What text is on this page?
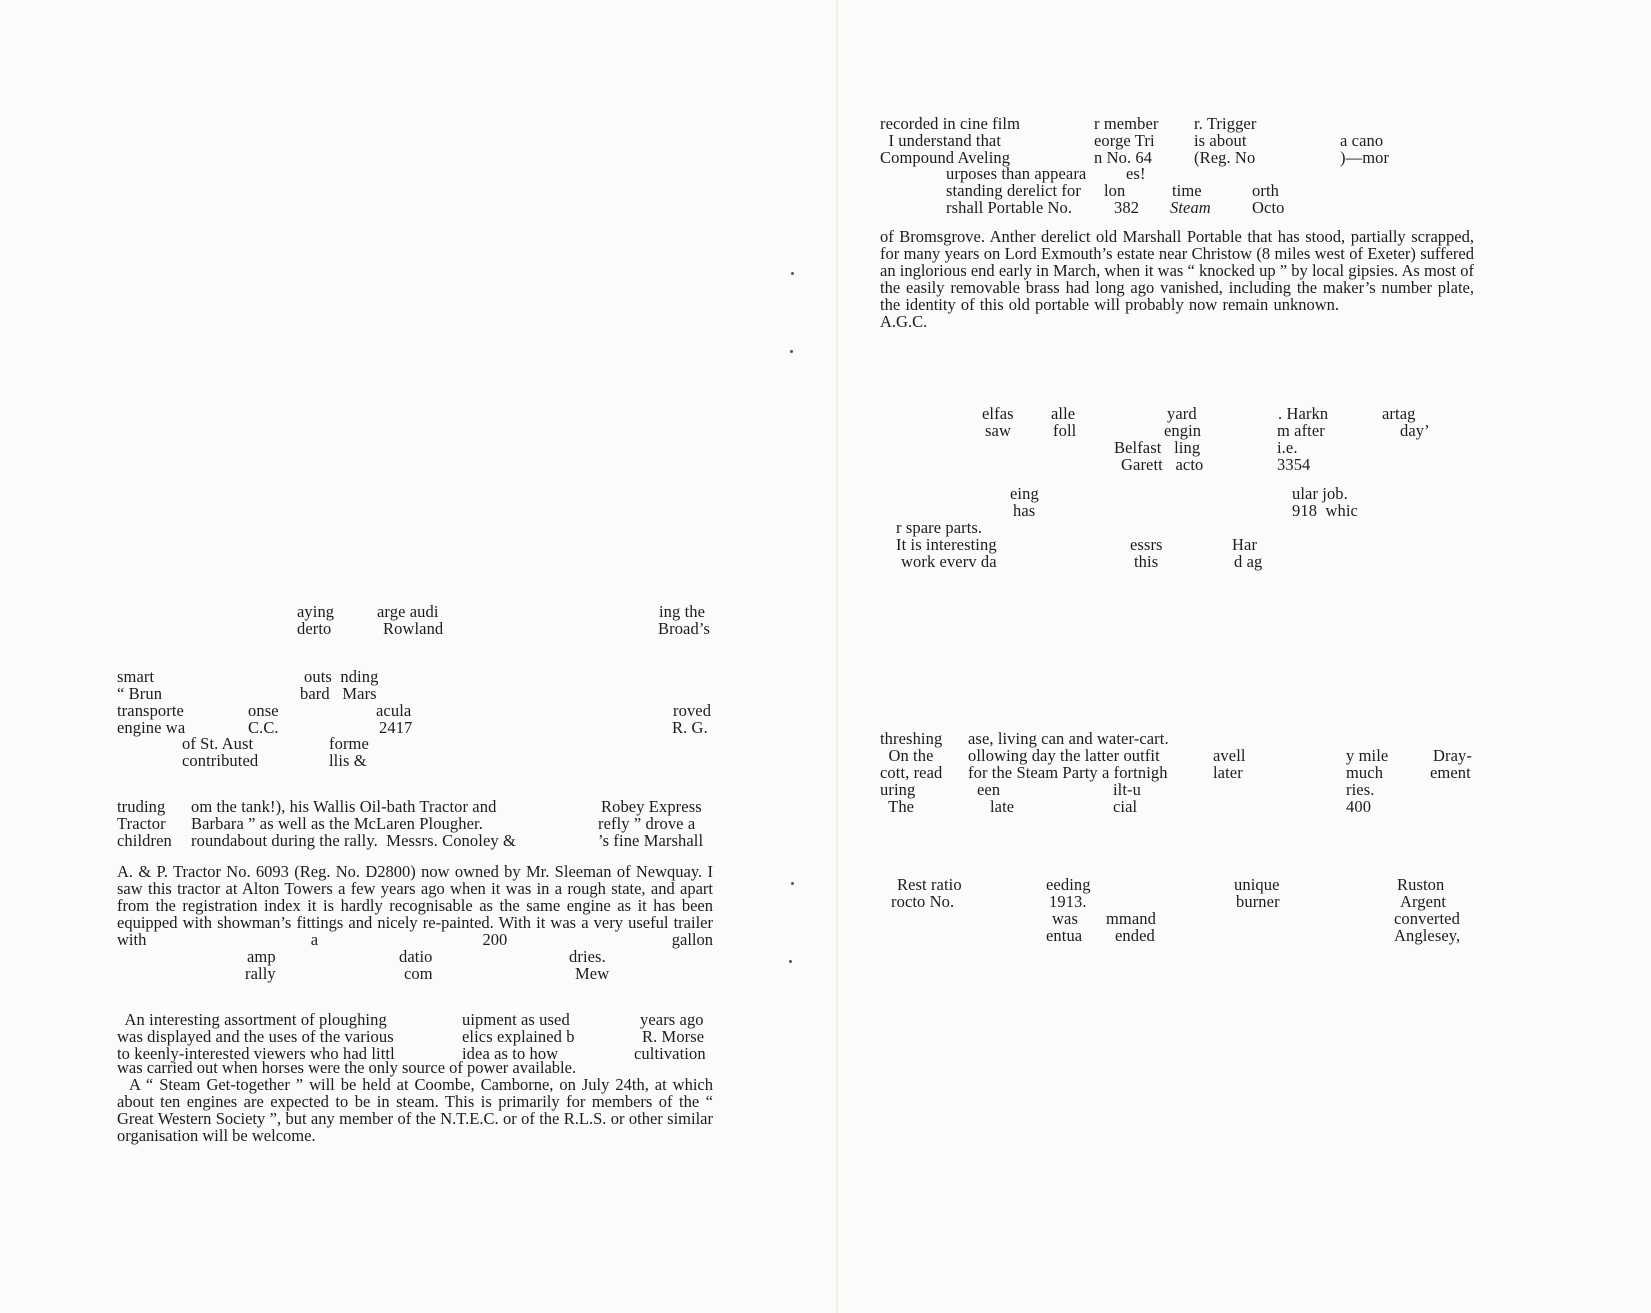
aying

	arge audi

	ing the

derto

	Rowland

	Broad’s

smart

	outs  nding

“ Brun

	bard   Mars

transporte

	onse

	acula

	roved

engine wa

	C.C.

	2417

	R. G.

of St. Aust

	forme

contributed

	llis &

truding

om the tank!), his Wallis Oil-bath Tractor and

	Robey Express

Tractor

Barbara ” as well as the McLaren Plougher.

	refly ” drove a

children

roundabout during the rally.  Messrs. Conoley &

	’s fine Marshall

A. & P. Tractor No. 6093 (Reg. No. D2800) now owned by Mr. Sleeman of Newquay. I saw this tractor at Alton Towers a few years ago when it was in a rough state, and apart from the registration index it is hardly recognisable as the same engine as it has been equipped with showman’s fittings and nicely re-painted. With it was a very useful trailer with a 200 gallon

amp

	datio

	dries.

rally

	com

	Mew

An interesting assortment of ploughing

	uipment as used

	years ago

was displayed and the uses of the various

	elics explained b

	R. Morse

to keenly-interested viewers who had littl

	idea as to how

	cultivation

was carried out when horses were the only source of power available.

A “ Steam Get-together ” will be held at Coombe, Camborne, on July 24th, at which about ten engines are expected to be in steam. This is primarily for members of the “ Great Western Society ”, but any member of the N.T.E.C. or of the R.L.S. or other similar organisation will be welcome.

recorded in cine film

	r member

r. Trigger

I understand that

	eorge Tri

is about

	a cano

Compound Aveling

	n No. 64

	(Reg. No

	)—mor

urposes than appeara

es!

standing derelict for

lon

	time

	orth

rshall Portable No.

	382

Steam

Octo

of Bromsgrove. Anther derelict old Marshall Portable that has stood, partially scrapped, for many years on Lord Exmouth’s estate near Christow (8 miles west of Exeter) suffered an inglorious end early in March, when it was “ knocked up ” by local gipsies. As most of the easily removable brass had long ago vanished, including the maker’s number plate, the identity of this old portable will probably now remain unknown.A.G.C.

elfas

alle

	yard

	. Harkn

	artag

saw

	foll

	engin

	m after

	day’

Belfast   ling

	i.e.

Garett   acto

	3354

eing

	ular job.

has

	918  whic

r spare parts.

It is interesting

work everv da

essrs

	Har

this

	d ag

threshing

ase, living can and water-cart.

On the

ollowing day the latter outfit

	avell

	y mile

	Dray-

cott, read

for the Steam Party a fortnigh

	later

	much

	ement

uring

	een

	ilt-u

	ries.

The

	late

	cial

	400

Rest ratio

	eeding

	unique

	Ruston

rocto No.

	1913.

	burner

	Argent

was

mmand

	converted

entua

ended

	Anglesey,
